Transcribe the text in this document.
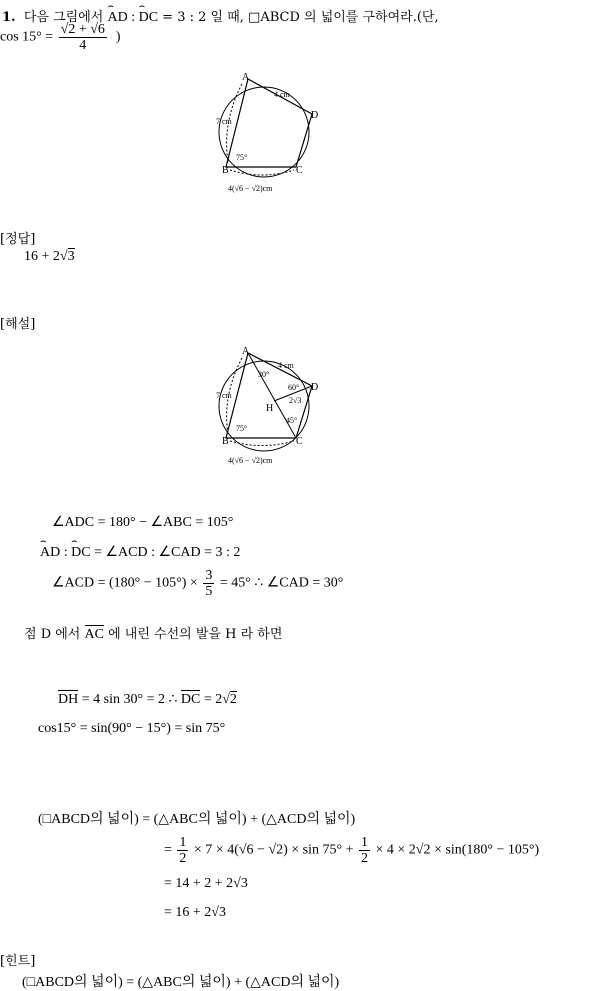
1. 다음 그림에서 ⌢ AD : ⌢ DC = 3 : 2 일 때, □ABCD 의 넓이를 구하여라.(단,
$\cos 15^\circ = \frac{√2 + √6}{4}$ )
A
D
B	C
4 cm
7 cm
75°
4(√6 − √2)cm
[정답]
16 + 2√3
[해설]
A
D
H
B	C
4 cm
30°
60°
2√3
7 cm
45°
75°
4(√6 − √2)cm
∠ADC = 180° − ∠ABC = 105°
⌢ AD : ⌢ DC = ∠ACD : ∠CAD = 3 : 2
∠ACD = $(180^\circ - 105^\circ) \times \frac{3}{5} = 45^\circ$ ∴ ∠CAD = 30°
점 D 에서 AC 에 내린 수선의 발을 H 라 하면
DH = 4 sin 30° = 2 ∴ DC = 2√2
cos15° = sin(90° − 15°) = sin 75°
(□ABCD의 넓이) = (△ABC의 넓이) + (△ACD의 넓이)
= $\frac{1}{2} \times 7 \times 4(√6 - √2) \times \sin 75^\circ + \frac{1}{2} \times 4 \times 2√2 \times \sin(180^\circ - 105^\circ)$
= 14 + 2 + 2√3
= 16 + 2√3
[힌트]
(□ABCD의 넓이) = (△ABC의 넓이) + (△ACD의 넓이)
